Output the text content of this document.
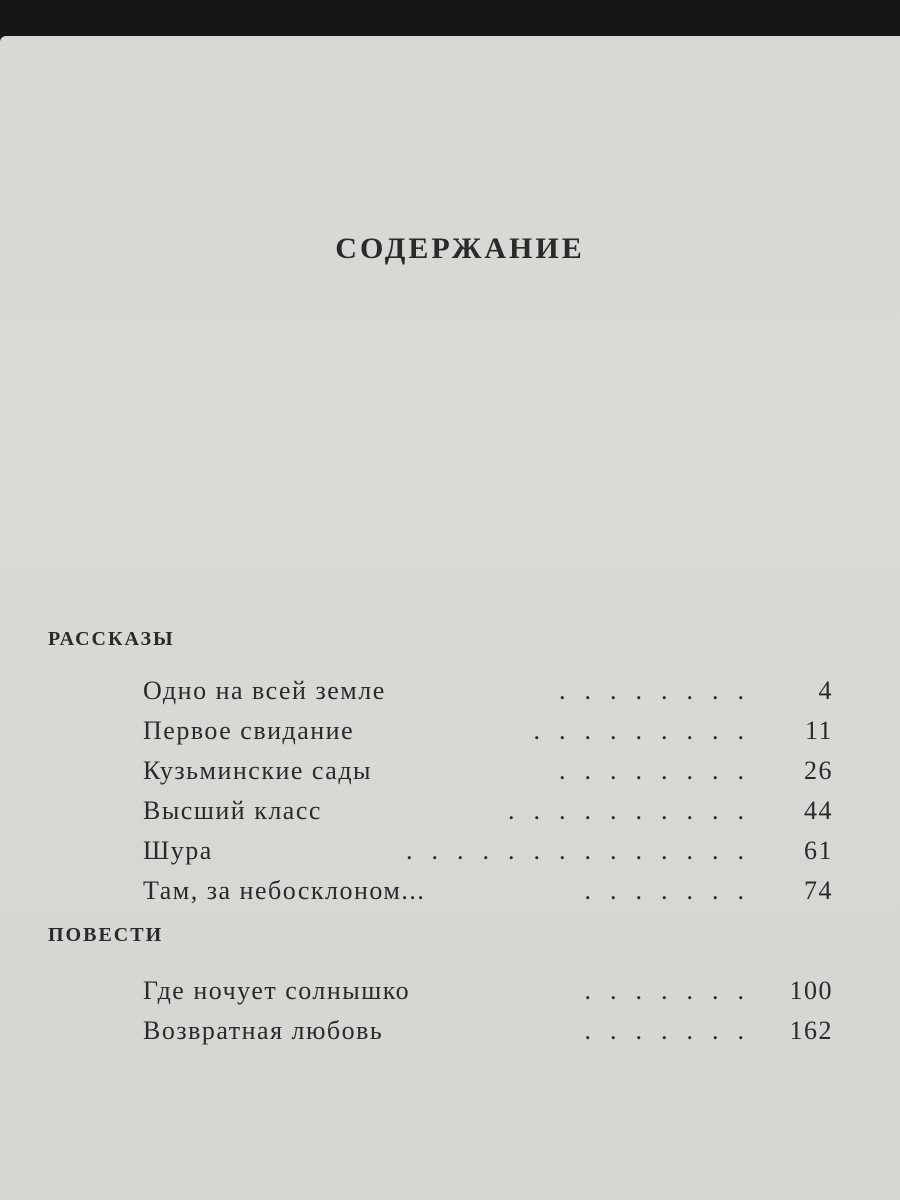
СОДЕРЖАНИЕ
РАССКАЗЫ
Одно на всей земле	........ 4
Первое свидание	......... 11
Кузьминские сады	........ 26
Высший класс	.......... 44
Шура	.............. 61
Там, за небосклоном...	....... 74
ПОВЕСТИ
Где ночует солнышко	....... 100
Возвратная любовь	....... 162
